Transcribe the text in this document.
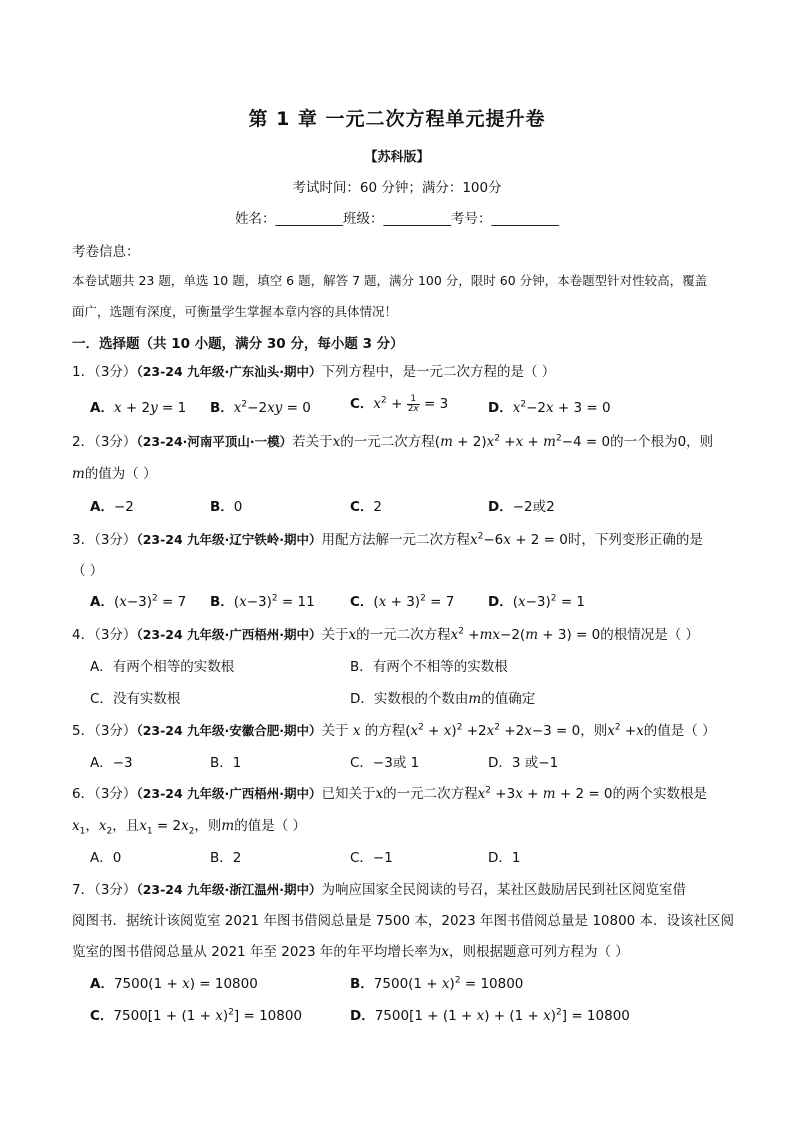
第 1 章 一元二次方程单元提升卷
【苏科版】
考试时间：60 分钟；满分：100分
姓名：__________班级：__________考号：__________
考卷信息：
本卷试题共 23 题，单选 10 题，填空 6 题，解答 7 题，满分 100 分，限时 60 分钟，本卷题型针对性较高，覆盖
面广，选题有深度，可衡量学生掌握本章内容的具体情况！
一．选择题（共 10 小题，满分 30 分，每小题 3 分）
1．（3分）（23-24 九年级·广东汕头·期中）下列方程中，是一元二次方程的是（ ）
A．x + 2y = 1 B．$x^2-2xy = 0$	C．$x^2 + \frac{1}{2x} = 3$	D．$x^2-2x + 3 = 0$
2．（3分）（23-24·河南平顶山·一模）若关于x的一元二次方程$(m + 2)x^2 +x + m^2-4 = 0$的一个根为0，则
m的值为（ ）
A．−2	B．0	C．2	D．−2或2
3．（3分）（23-24 九年级·辽宁铁岭·期中）用配方法解一元二次方程$x^2-6x + 2 = 0$时，下列变形正确的是
（ ）
A．$(x-3)^2 = 7$ B．$(x-3)^2 = 11$	C．$(x + 3)^2 = 7$ D．$(x-3)^2 = 1$
4．（3分）（23-24 九年级·广西梧州·期中）关于x的一元二次方程$x^2 +mx-2(m + 3) = 0$的根情况是（ ）
A．有两个相等的实数根	B．有两个不相等的实数根
C．没有实数根	D．实数根的个数由m的值确定
5．（3分）（23-24 九年级·安徽合肥·期中）关于 x 的方程$(x^2 + x)^2 +2x^2 +2x-3 = 0$，则$x^2 +x$的值是（ ）
A．−3	B．1	C．−3或 1	D．3 或−1
6．（3分）（23-24 九年级·广西梧州·期中）已知关于x的一元二次方程$x^2 +3x + m + 2 = 0$的两个实数根是
$x_1$，$x_2$，且$x_1 = 2x_2$，则m的值是（ ）
A．0	B．2	C．−1	D．1
7．（3分）（23-24 九年级·浙江温州·期中）为响应国家全民阅读的号召，某社区鼓励居民到社区阅览室借
阅图书．据统计该阅览室 2021 年图书借阅总量是 7500 本，2023 年图书借阅总量是 10800 本．设该社区阅
览室的图书借阅总量从 2021 年至 2023 年的年平均增长率为x，则根据题意可列方程为（ ）
A．7500(1 + x) = 10800	B．$7500(1 + x)^2 = 10800$
C．$7500[1 + (1 + x)^2] = 10800$	D．$7500[1 + (1 + x) + (1 + x)^2] = 10800$
